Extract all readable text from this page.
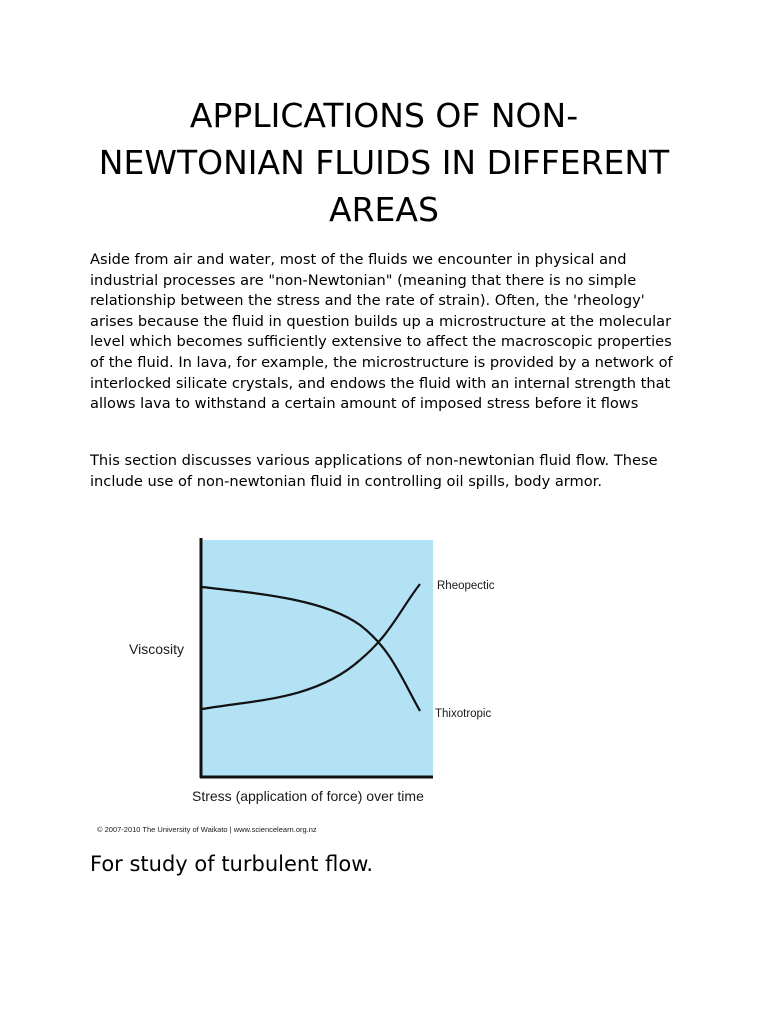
APPLICATIONS OF NON-NEWTONIAN FLUIDS IN DIFFERENT AREAS

Aside from air and water, most of the fluids we encounter in physical and industrial processes are "non-Newtonian" (meaning that there is no simple relationship between the stress and the rate of strain). Often, the 'rheology' arises because the fluid in question builds up a microstructure at the molecular level which becomes sufficiently extensive to affect the macroscopic properties of the fluid. In lava, for example, the microstructure is provided by a network of interlocked silicate crystals, and endows the fluid with an internal strength that allows lava to withstand a certain amount of imposed stress before it flows

This section discusses various applications of non-newtonian fluid flow. These include use of non-newtonian fluid in controlling oil spills, body armor.

Viscosity
Stress (application of force) over time
Rheopectic
Thixotropic
© 2007-2010 The University of Waikato | www.sciencelearn.org.nz
For study of turbulent flow.
